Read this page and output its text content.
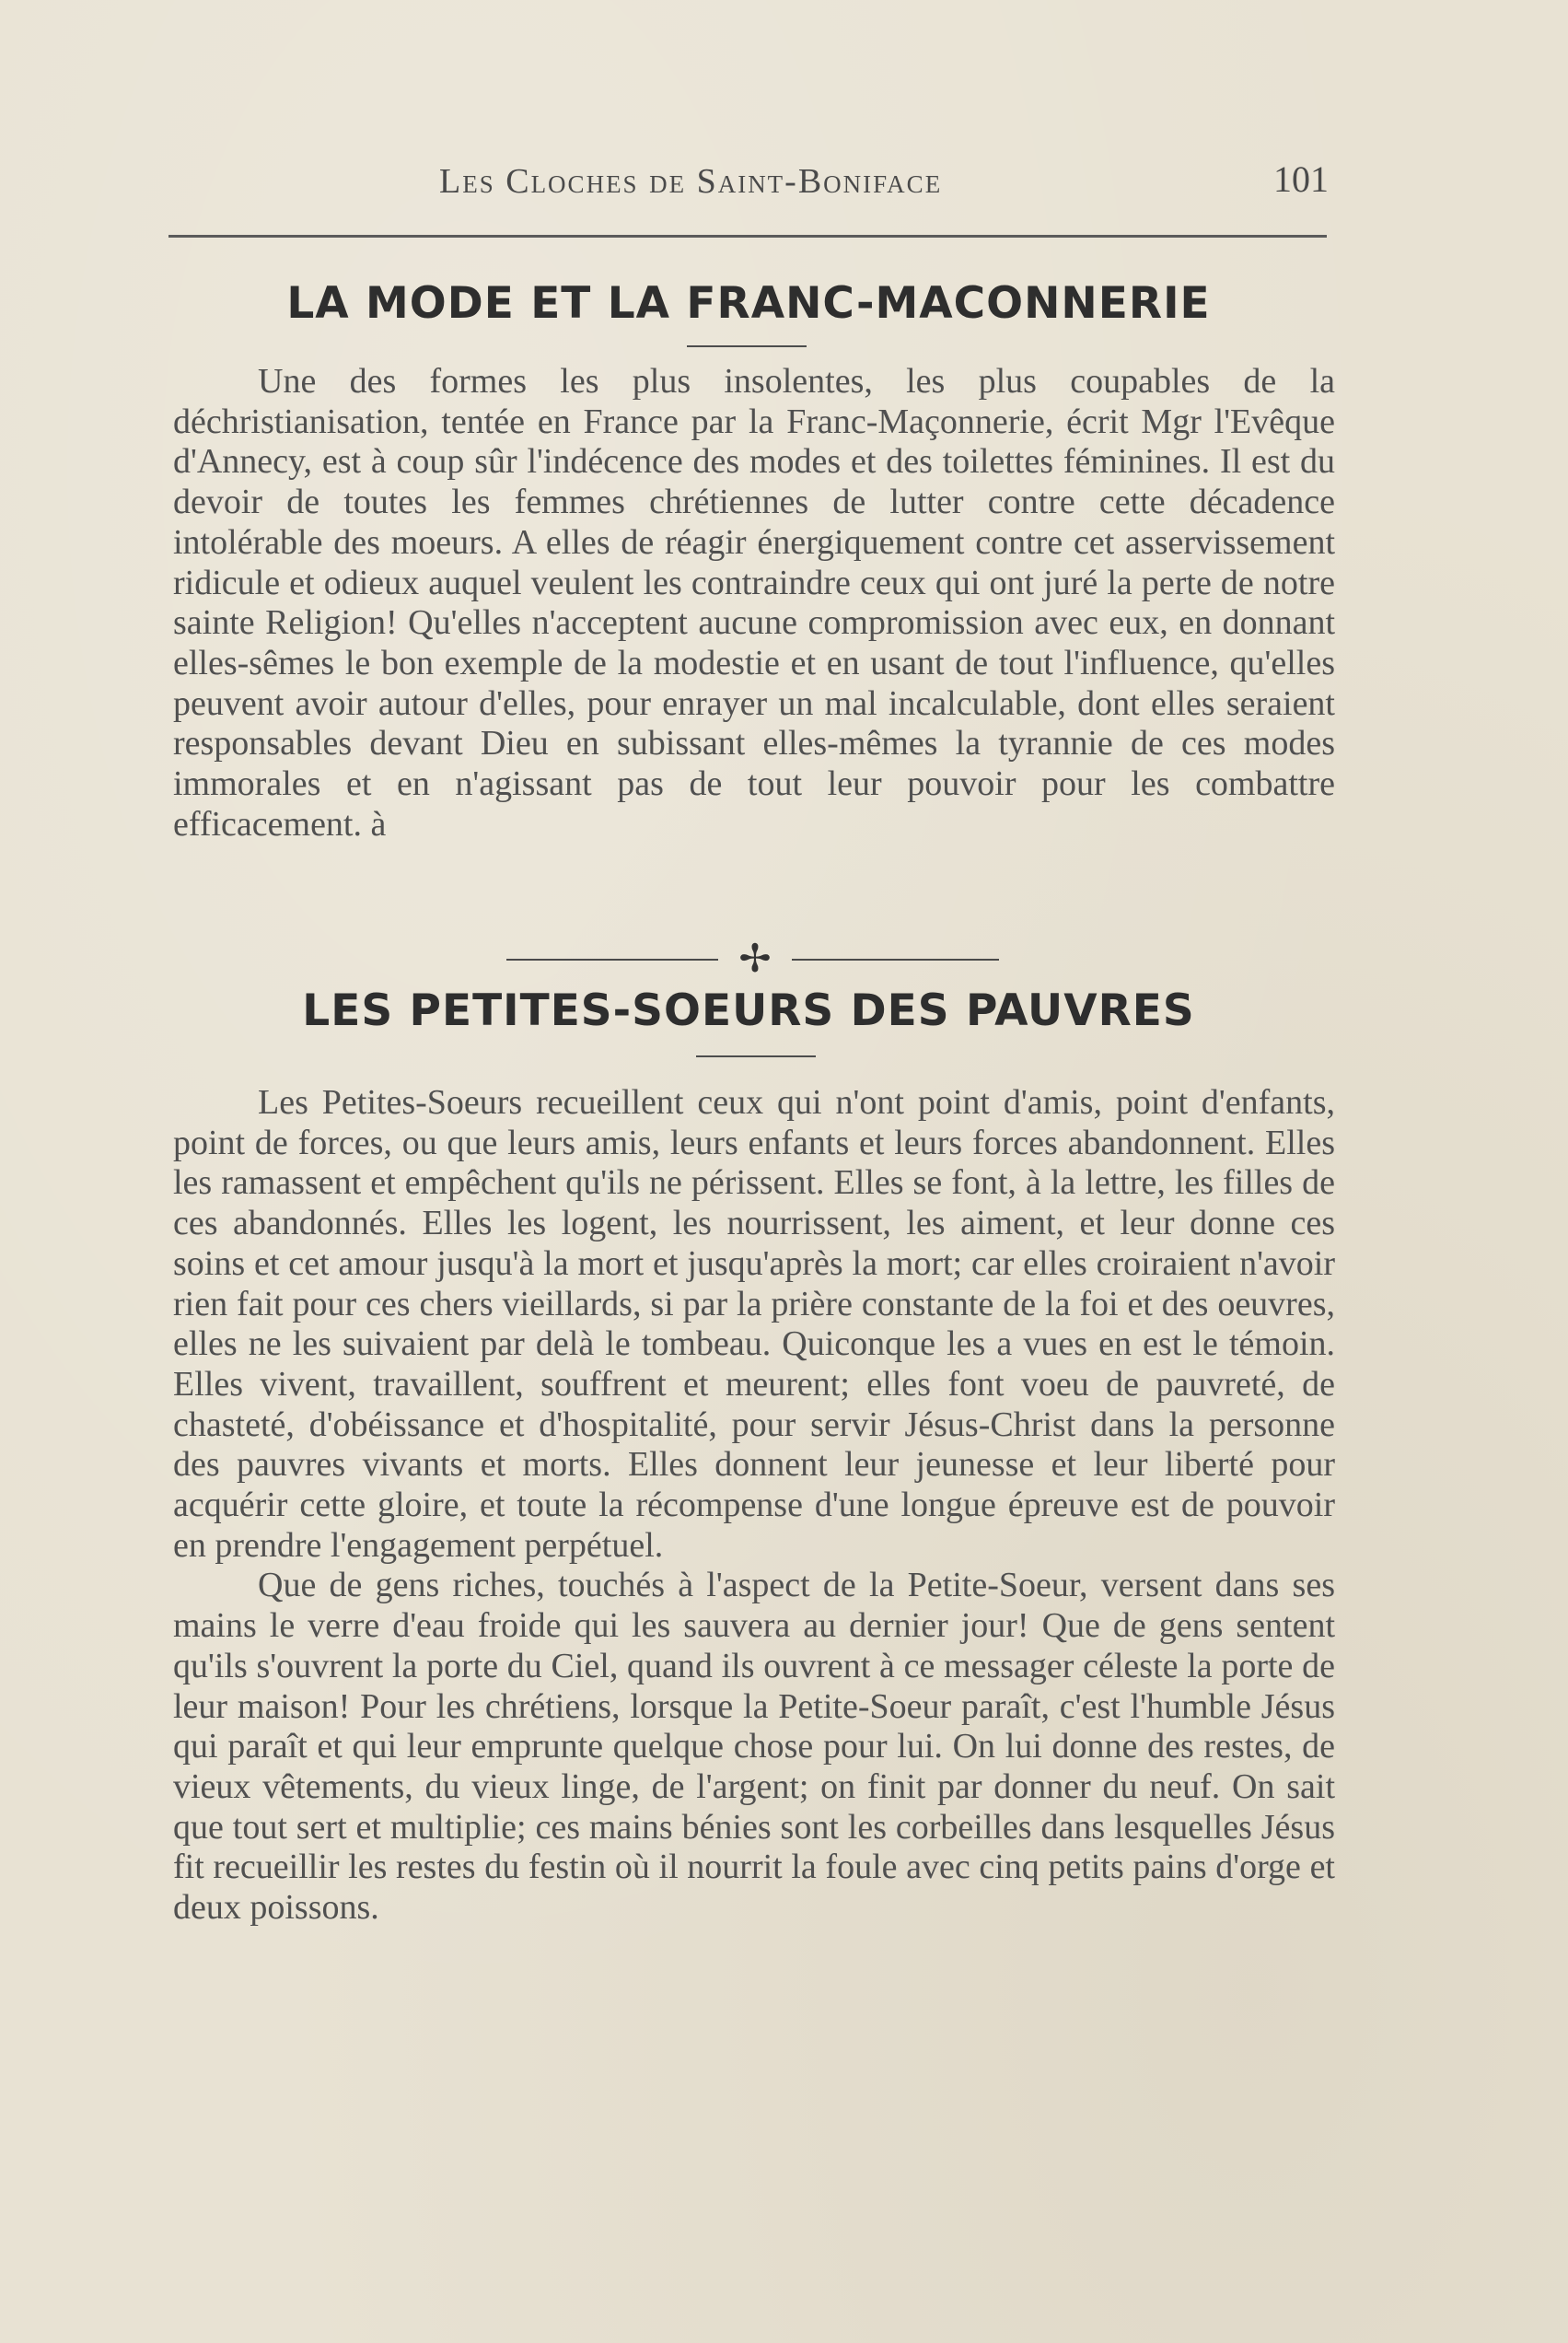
Les Cloches de Saint-Boniface	101
LA MODE ET LA FRANC-MACONNERIE

Une des formes les plus insolentes, les plus coupables de la déchristianisation, tentée en France par la Franc-Maçonnerie, écrit Mgr l'Evêque d'Annecy, est à coup sûr l'indécence des modes et des toilettes féminines. Il est du devoir de toutes les femmes chrétiennes de lutter contre cette décadence intolérable des moeurs. A elles de réagir énergiquement contre cet asservissement ridicule et odieux auquel veulent les contraindre ceux qui ont juré la perte de notre sainte Religion! Qu'elles n'acceptent aucune compromission avec eux, en donnant elles-sêmes le bon exemple de la modestie et en usant de tout l'influence, qu'elles peuvent avoir autour d'elles, pour enrayer un mal incalculable, dont elles seraient responsables devant Dieu en subissant elles-mêmes la tyrannie de ces modes immorales et en n'agissant pas de tout leur pouvoir pour les combattre efficacement. à

✢
LES PETITES-SOEURS DES PAUVRES

Les Petites-Soeurs recueillent ceux qui n'ont point d'amis, point d'enfants, point de forces, ou que leurs amis, leurs enfants et leurs forces abandonnent. Elles les ramassent et empêchent qu'ils ne périssent. Elles se font, à la lettre, les filles de ces abandonnés. Elles les logent, les nourrissent, les aiment, et leur donne ces soins et cet amour jusqu'à la mort et jusqu'après la mort; car elles croiraient n'avoir rien fait pour ces chers vieillards, si par la prière constante de la foi et des oeuvres, elles ne les suivaient par delà le tombeau. Quiconque les a vues en est le témoin. Elles vivent, travaillent, souffrent et meurent; elles font voeu de pauvreté, de chasteté, d'obéissance et d'hospitalité, pour servir Jésus-Christ dans la personne des pauvres vivants et morts. Elles donnent leur jeunesse et leur liberté pour acquérir cette gloire, et toute la récompense d'une longue épreuve est de pouvoir en prendre l'engagement perpétuel.

Que de gens riches, touchés à l'aspect de la Petite-Soeur, versent dans ses mains le verre d'eau froide qui les sauvera au dernier jour! Que de gens sentent qu'ils s'ouvrent la porte du Ciel, quand ils ouvrent à ce messager céleste la porte de leur maison! Pour les chrétiens, lorsque la Petite-Soeur paraît, c'est l'humble Jésus qui paraît et qui leur emprunte quelque chose pour lui. On lui donne des restes, de vieux vêtements, du vieux linge, de l'argent; on finit par donner du neuf. On sait que tout sert et multiplie; ces mains bénies sont les corbeilles dans lesquelles Jésus fit recueillir les restes du festin où il nourrit la foule avec cinq petits pains d'orge et deux poissons.
